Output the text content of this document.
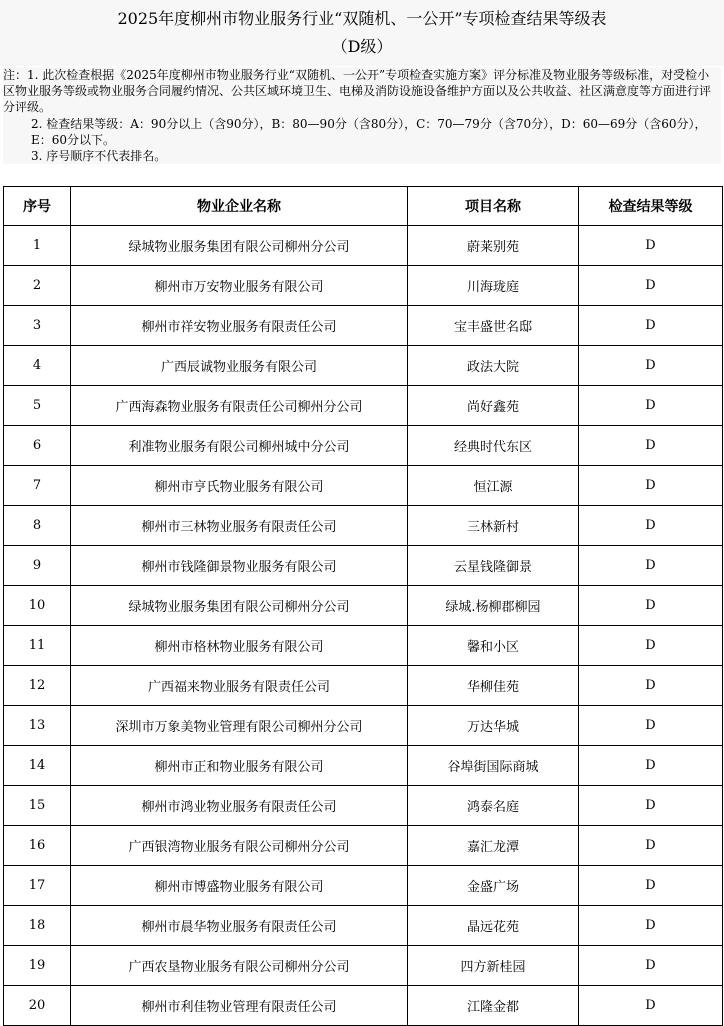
2025年度柳州市物业服务行业“双随机、一公开”专项检查结果等级表
（D级）

注：1. 此次检查根据《2025年度柳州市物业服务行业“双随机、一公开”专项检查实施方案》评分标准及物业服务等级标准，对受检小区物业服务等级或物业服务合同履约情况、公共区域环境卫生、电梯及消防设施设备维护方面以及公共收益、社区满意度等方面进行评分评级。

2. 检查结果等级：A：90分以上（含90分），B：80—90分（含80分），C：70—79分（含70分），D：60—69分（含60分），E：60分以下。

3. 序号顺序不代表排名。

序号	物业企业名称	项目名称	检查结果等级
1	绿城物业服务集团有限公司柳州分公司	蔚莱别苑	D
2	柳州市万安物业服务有限公司	川海珑庭	D
3	柳州市祥安物业服务有限责任公司	宝丰盛世名邸	D
4	广西辰诚物业服务有限公司	政法大院	D
5	广西海森物业服务有限责任公司柳州分公司	尚好鑫苑	D
6	利准物业服务有限公司柳州城中分公司	经典时代东区	D
7	柳州市亨氏物业服务有限公司	恒江源	D
8	柳州市三林物业服务有限责任公司	三林新村	D
9	柳州市钱隆御景物业服务有限公司	云星钱隆御景	D
10	绿城物业服务集团有限公司柳州分公司	绿城.杨柳郡柳园	D
11	柳州市格林物业服务有限公司	馨和小区	D
12	广西福来物业服务有限责任公司	华柳佳苑	D
13	深圳市万象美物业管理有限公司柳州分公司	万达华城	D
14	柳州市正和物业服务有限公司	谷埠街国际商城	D
15	柳州市鸿业物业服务有限责任公司	鸿泰名庭	D
16	广西银湾物业服务有限公司柳州分公司	嘉汇龙潭	D
17	柳州市博盛物业服务有限公司	金盛广场	D
18	柳州市晨华物业服务有限责任公司	晶远花苑	D
19	广西农垦物业服务有限公司柳州分公司	四方新桂园	D
20	柳州市利佳物业管理有限责任公司	江隆金都	D
